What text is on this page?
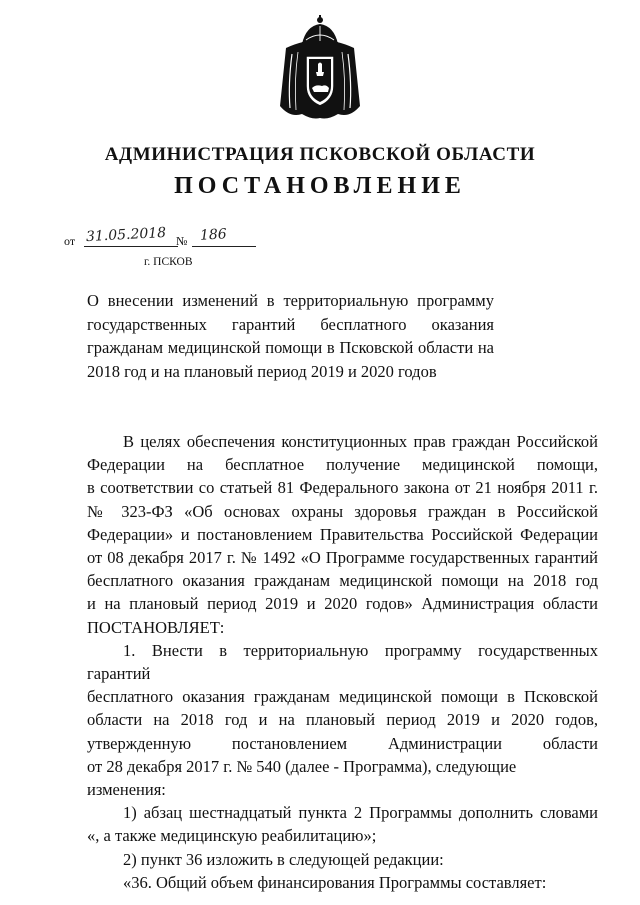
АДМИНИСТРАЦИЯ ПСКОВСКОЙ ОБЛАСТИ
ПОСТАНОВЛЕНИЕ
от 31.05.2018 № 186
г. ПСКОВ

О внесении изменений в территориальную программу

государственных гарантий бесплатного оказания

гражданам медицинской помощи в Псковской области на

2018 год и на плановый период 2019 и 2020 годов

В целях обеспечения конституционных прав граждан Российской

Федерации на бесплатное получение медицинской помощи,

в соответствии со статьей 81 Федерального закона от 21 ноября 2011 г.

№ 323-ФЗ «Об основах охраны здоровья граждан в Российской

Федерации» и постановлением Правительства Российской Федерации

от 08 декабря 2017 г. № 1492 «О Программе государственных гарантий

бесплатного оказания гражданам медицинской помощи на 2018 год

и на плановый период 2019 и 2020 годов» Администрация области

ПОСТАНОВЛЯЕТ:

1. Внести в территориальную программу государственных гарантий

бесплатного оказания гражданам медицинской помощи в Псковской

области на 2018 год и на плановый период 2019 и 2020 годов,

утвержденную постановлением Администрации области

от 28 декабря 2017 г. № 540 (далее - Программа), следующие изменения:

1) абзац шестнадцатый пункта 2 Программы дополнить словами

«, а также медицинскую реабилитацию»;

2) пункт 36 изложить в следующей редакции:

«36. Общий объем финансирования Программы составляет:
